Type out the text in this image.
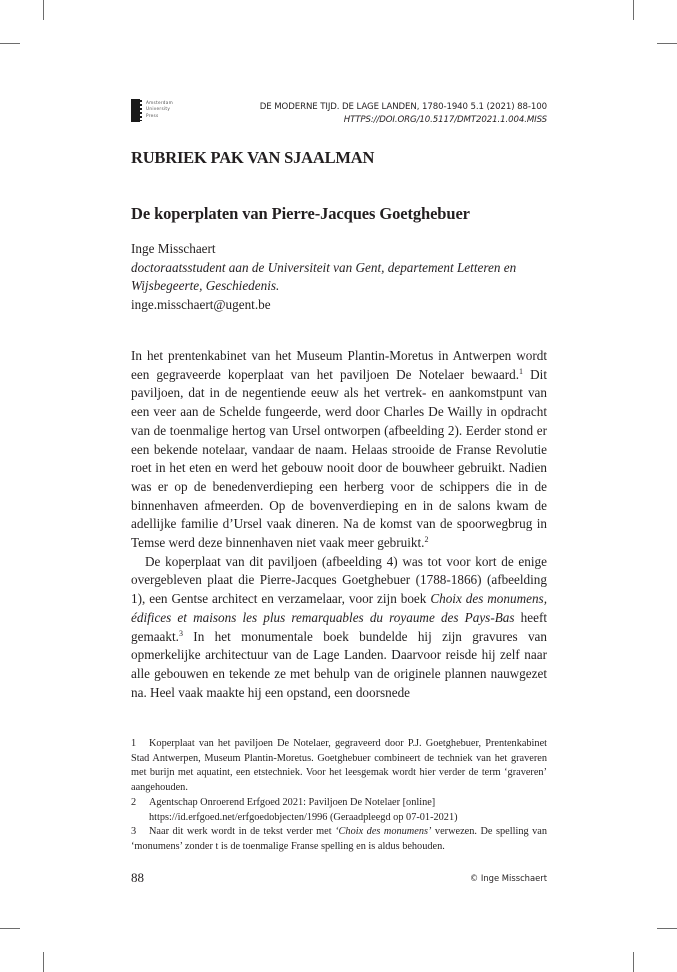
Amsterdam
University
Press
DE MODERNE TIJD. DE LAGE LANDEN, 1780-1940 5.1 (2021) 88-100
HTTPS://DOI.ORG/10.5117/DMT2021.1.004.MISS
RUBRIEK PAK VAN SJAALMAN
De koperplaten van Pierre-Jacques Goetghebuer
Inge Misschaert
doctoraatsstudent aan de Universiteit van Gent, departement Letteren en Wijsbegeerte, Geschiedenis.
inge.misschaert@ugent.be

In het prentenkabinet van het Museum Plantin-Moretus in Antwerpen wordt een gegraveerde koperplaat van het paviljoen De Notelaer bewaard.$^1$ Dit paviljoen, dat in de negentiende eeuw als het vertrek- en aankomstpunt van een veer aan de Schelde fungeerde, werd door Charles De Wailly in opdracht van de toenmalige hertog van Ursel ontworpen (afbeelding 2). Eerder stond er een bekende notelaar, vandaar de naam. Helaas strooide de Franse Revolutie roet in het eten en werd het gebouw nooit door de bouwheer gebruikt. Nadien was er op de benedenverdieping een herberg voor de schippers die in de binnenhaven afmeerden. Op de bovenverdieping en in de salons kwam de adellijke familie d’Ursel vaak dineren. Na de komst van de spoorwegbrug in Temse werd deze binnenhaven niet vaak meer gebruikt.$^2$

De koperplaat van dit paviljoen (afbeelding 4) was tot voor kort de enige overgebleven plaat die Pierre-Jacques Goetghebuer (1788-1866) (afbeelding 1), een Gentse architect en verzamelaar, voor zijn boek Choix des monumens, édifices et maisons les plus remarquables du royaume des Pays-Bas heeft gemaakt.$^3$ In het monumentale boek bundelde hij zijn gravures van opmerkelijke architectuur van de Lage Landen. Daarvoor reisde hij zelf naar alle gebouwen en tekende ze met behulp van de originele plannen nauwgezet na. Heel vaak maakte hij een opstand, een doorsnede

1 Koperplaat van het paviljoen De Notelaer, gegraveerd door P.J. Goetghebuer, Prentenkabinet Stad Antwerpen, Museum Plantin-Moretus. Goetghebuer combineert de techniek van het graveren met burijn met aquatint, een etstechniek. Voor het leesgemak wordt hier verder de term ‘graveren’ aangehouden.

2 Agentschap Onroerend Erfgoed 2021: Paviljoen De Notelaer [online]
https://id.erfgoed.net/erfgoedobjecten/1996 (Geraadpleegd op 07-01-2021)

3 Naar dit werk wordt in de tekst verder met ‘Choix des monumens’ verwezen. De spelling van ‘monumens’ zonder t is de toenmalige Franse spelling en is aldus behouden.

88	© Inge Misschaert
